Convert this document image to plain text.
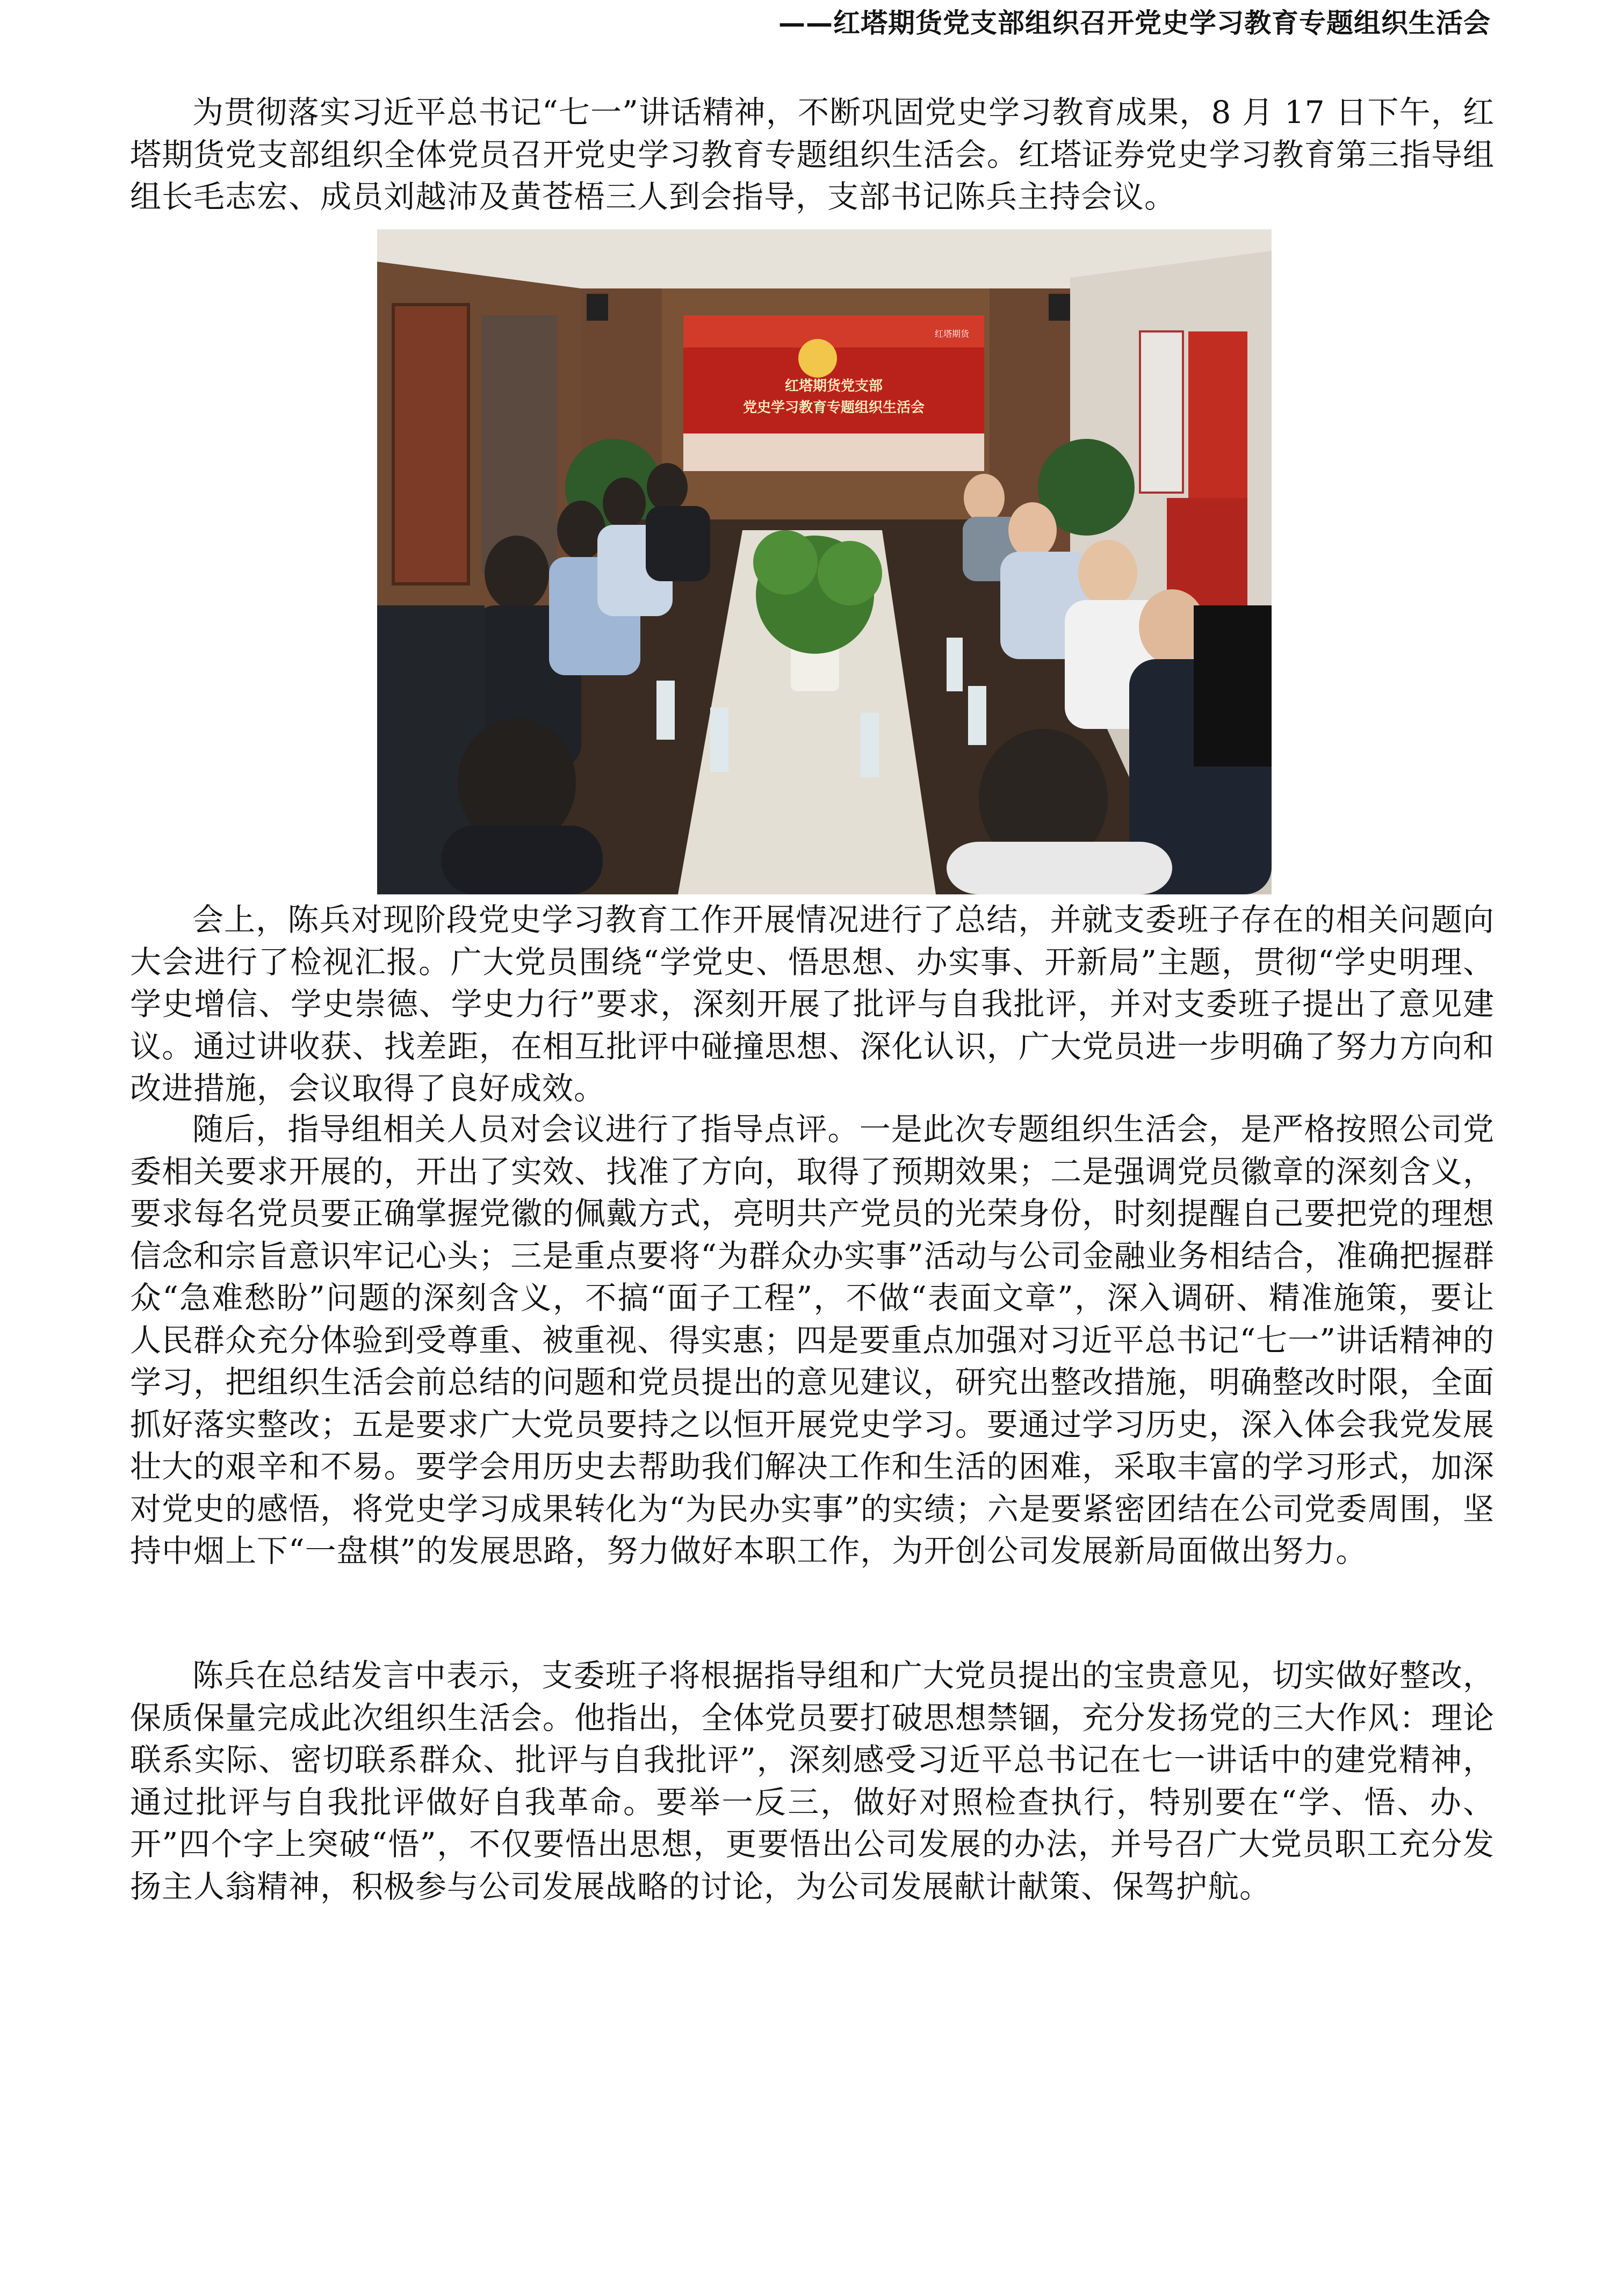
——红塔期货党支部组织召开党史学习教育专题组织生活会

为贯彻落实习近平总书记“七一”讲话精神，不断巩固党史学习教育成果，8 月 17 日下午，红塔期货党支部组织全体党员召开党史学习教育专题组织生活会。红塔证券党史学习教育第三指导组组长毛志宏、成员刘越沛及黄苍梧三人到会指导，支部书记陈兵主持会议。

红塔期货党支部
党史学习教育专题组织生活会
红塔期货

会上，陈兵对现阶段党史学习教育工作开展情况进行了总结，并就支委班子存在的相关问题向大会进行了检视汇报。广大党员围绕“学党史、悟思想、办实事、开新局”主题，贯彻“学史明理、学史增信、学史崇德、学史力行”要求，深刻开展了批评与自我批评，并对支委班子提出了意见建议。通过讲收获、找差距，在相互批评中碰撞思想、深化认识，广大党员进一步明确了努力方向和改进措施，会议取得了良好成效。

随后，指导组相关人员对会议进行了指导点评。一是此次专题组织生活会，是严格按照公司党委相关要求开展的，开出了实效、找准了方向，取得了预期效果；二是强调党员徽章的深刻含义，要求每名党员要正确掌握党徽的佩戴方式，亮明共产党员的光荣身份，时刻提醒自己要把党的理想信念和宗旨意识牢记心头；三是重点要将“为群众办实事”活动与公司金融业务相结合，准确把握群众“急难愁盼”问题的深刻含义，不搞“面子工程”，不做“表面文章”，深入调研、精准施策，要让人民群众充分体验到受尊重、被重视、得实惠；四是要重点加强对习近平总书记“七一”讲话精神的学习，把组织生活会前总结的问题和党员提出的意见建议，研究出整改措施，明确整改时限，全面抓好落实整改；五是要求广大党员要持之以恒开展党史学习。要通过学习历史，深入体会我党发展壮大的艰辛和不易。要学会用历史去帮助我们解决工作和生活的困难，采取丰富的学习形式，加深对党史的感悟，将党史学习成果转化为“为民办实事”的实绩；六是要紧密团结在公司党委周围，坚持中烟上下“一盘棋”的发展思路，努力做好本职工作，为开创公司发展新局面做出努力。

陈兵在总结发言中表示，支委班子将根据指导组和广大党员提出的宝贵意见，切实做好整改，保质保量完成此次组织生活会。他指出，全体党员要打破思想禁锢，充分发扬党的三大作风：理论联系实际、密切联系群众、批评与自我批评”，深刻感受习近平总书记在七一讲话中的建党精神，通过批评与自我批评做好自我革命。要举一反三，做好对照检查执行，特别要在“学、悟、办、开”四个字上突破“悟”，不仅要悟出思想，更要悟出公司发展的办法，并号召广大党员职工充分发扬主人翁精神，积极参与公司发展战略的讨论，为公司发展献计献策、保驾护航。
